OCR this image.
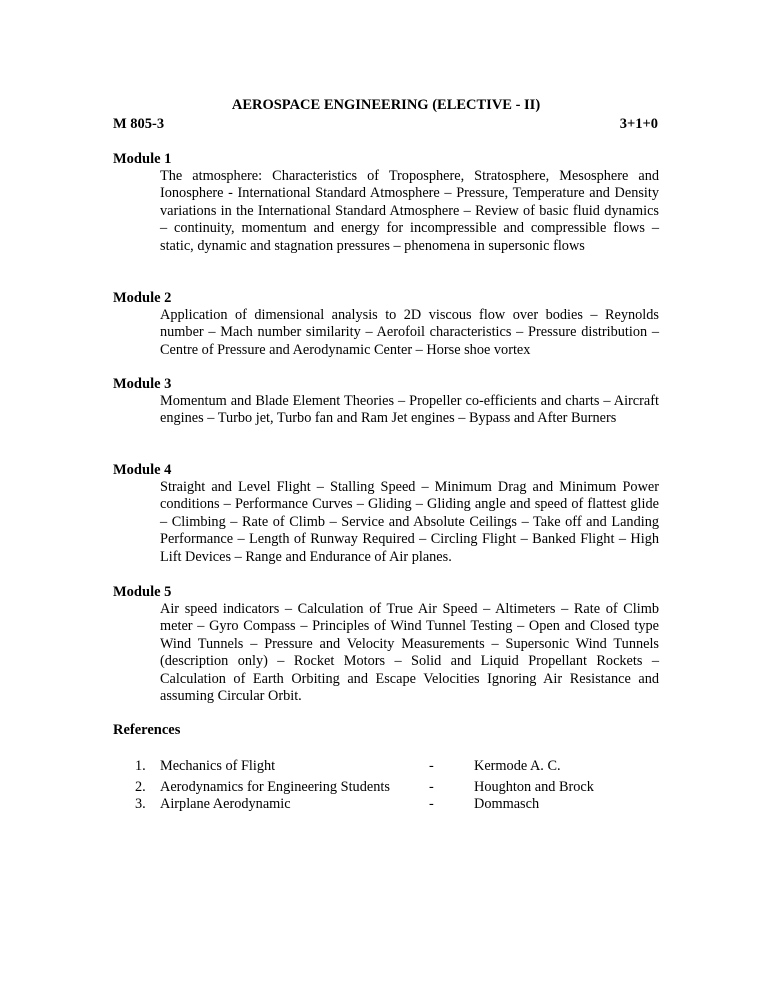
AEROSPACE ENGINEERING (ELECTIVE - II)
M 805-3	3+1+0
Module 1
The atmosphere: Characteristics of Troposphere, Stratosphere, Mesosphere and Ionosphere - International Standard Atmosphere – Pressure, Temperature and Density variations in the International Standard Atmosphere – Review of basic fluid dynamics – continuity, momentum and energy for incompressible and compressible flows – static, dynamic and stagnation pressures – phenomena in supersonic flows
Module 2
Application of dimensional analysis to 2D viscous flow over bodies – Reynolds number – Mach number similarity – Aerofoil characteristics – Pressure distribution – Centre of Pressure and Aerodynamic Center – Horse shoe vortex
Module 3
Momentum and Blade Element Theories – Propeller co-efficients and charts – Aircraft engines – Turbo jet, Turbo fan and Ram Jet engines – Bypass and After Burners
Module 4
Straight and Level Flight – Stalling Speed – Minimum Drag and Minimum Power conditions – Performance Curves – Gliding – Gliding angle and speed of flattest glide – Climbing – Rate of Climb – Service and Absolute Ceilings – Take off and Landing Performance – Length of Runway Required – Circling Flight – Banked Flight – High Lift Devices – Range and Endurance of Air planes.
Module 5
Air speed indicators – Calculation of True Air Speed – Altimeters – Rate of Climb meter – Gyro Compass – Principles of Wind Tunnel Testing – Open and Closed type Wind Tunnels – Pressure and Velocity Measurements – Supersonic Wind Tunnels (description only) – Rocket Motors – Solid and Liquid Propellant Rockets – Calculation of Earth Orbiting and Escape Velocities Ignoring Air Resistance and assuming Circular Orbit.
References
1. Mechanics of Flight	-	Kermode A. C.
2. Aerodynamics for Engineering Students	-	Houghton and Brock
3. Airplane Aerodynamic	-	Dommasch
